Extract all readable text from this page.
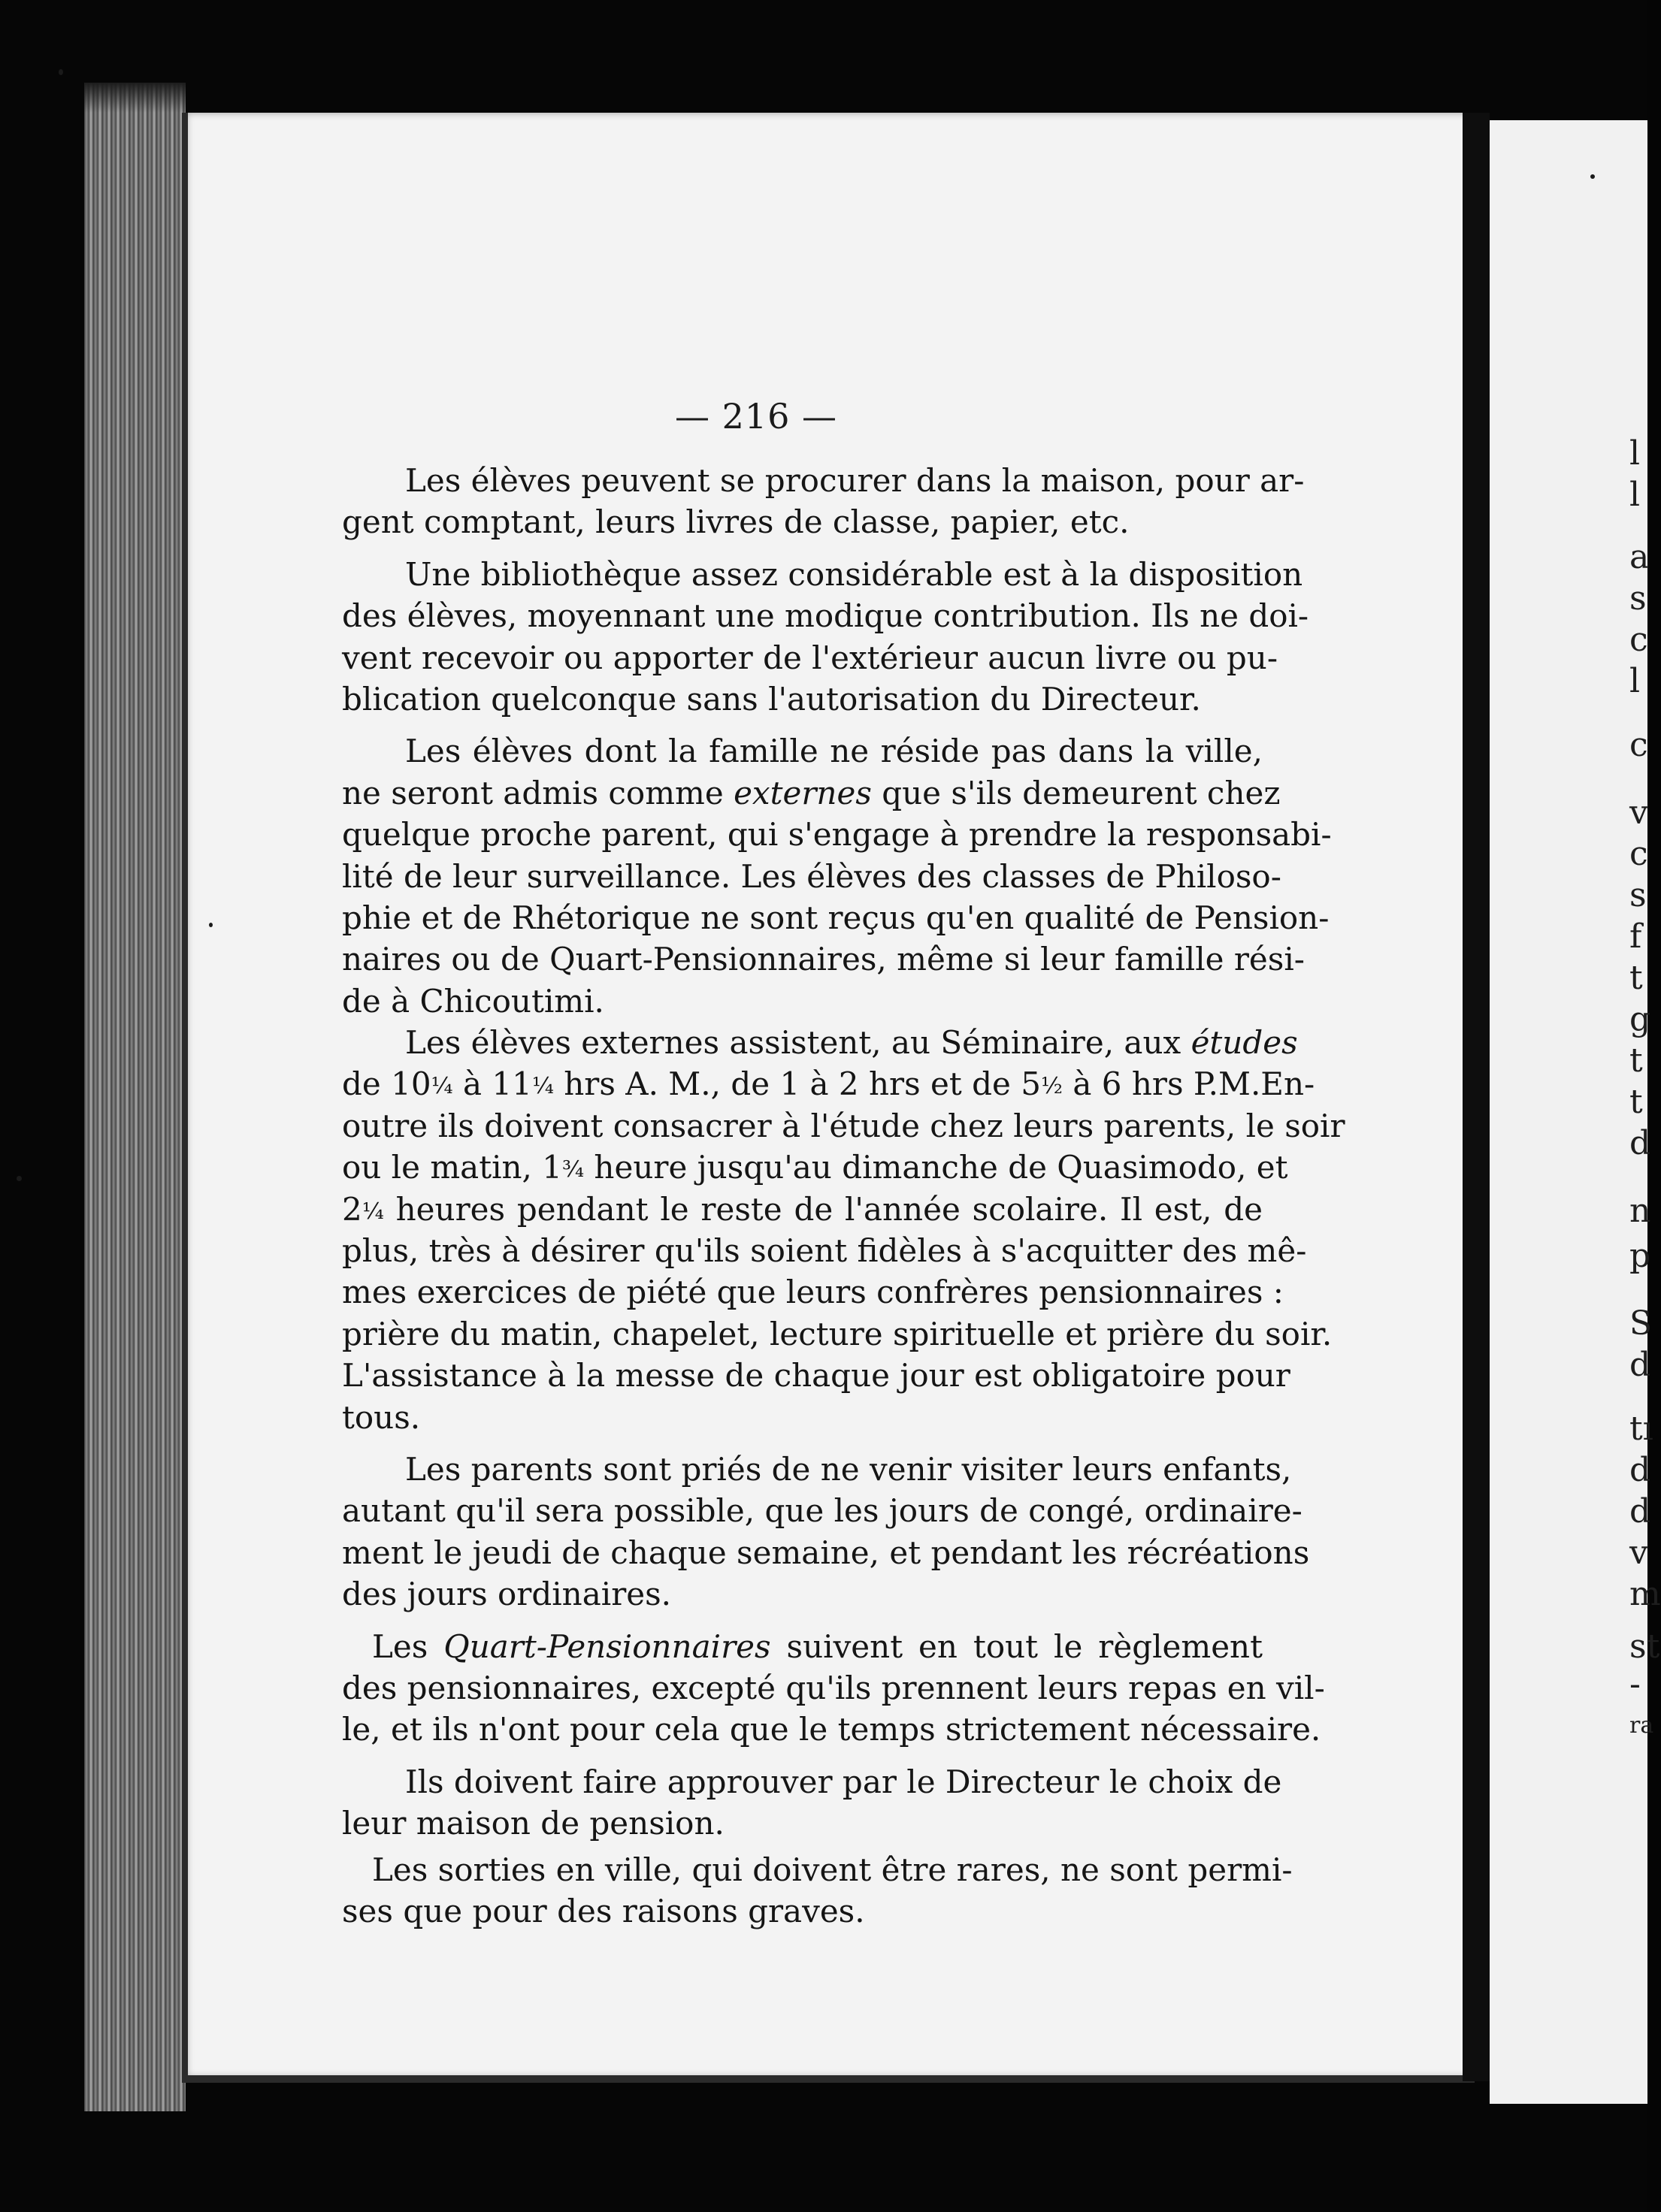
l
l
a
s
c
l
c
v
c
s
f
t
g
t
t
d
n
p
S
d
tı
d
d
v
m
st
-
ra
— 216 —
Les élèves peuvent se procurer dans la maison, pour ar-
gent comptant, leurs livres de classe, papier, etc.
Une bibliothèque assez considérable est à la disposition
des élèves, moyennant une modique contribution. Ils ne doi-
vent recevoir ou apporter de l'extérieur aucun livre ou pu-
blication quelconque sans l'autorisation du Directeur.
Les élèves dont la famille ne réside pas dans la ville,
ne seront admis comme externes que s'ils demeurent chez
quelque proche parent, qui s'engage à prendre la responsabi-
lité de leur surveillance. Les élèves des classes de Philoso-
phie et de Rhétorique ne sont reçus qu'en qualité de Pension-
naires ou de Quart-Pensionnaires, même si leur famille rési-
de à Chicoutimi.
Les élèves externes assistent, au Séminaire, aux études
de 10¼ à 11¼ hrs A. M., de 1 à 2 hrs et de 5½ à 6 hrs P.M.En-
outre ils doivent consacrer à l'étude chez leurs parents, le soir
ou le matin, 1¾ heure jusqu'au dimanche de Quasimodo, et
2¼ heures pendant le reste de l'année scolaire. Il est, de
plus, très à désirer qu'ils soient fidèles à s'acquitter des mê-
mes exercices de piété que leurs confrères pensionnaires :
prière du matin, chapelet, lecture spirituelle et prière du soir.
L'assistance à la messe de chaque jour est obligatoire pour
tous.
Les parents sont priés de ne venir visiter leurs enfants,
autant qu'il sera possible, que les jours de congé, ordinaire-
ment le jeudi de chaque semaine, et pendant les récréations
des jours ordinaires.
Les Quart-Pensionnaires suivent en tout le règlement
des pensionnaires, excepté qu'ils prennent leurs repas en vil-
le, et ils n'ont pour cela que le temps strictement nécessaire.
Ils doivent faire approuver par le Directeur le choix de
leur maison de pension.
Les sorties en ville, qui doivent être rares, ne sont permi-
ses que pour des raisons graves.
